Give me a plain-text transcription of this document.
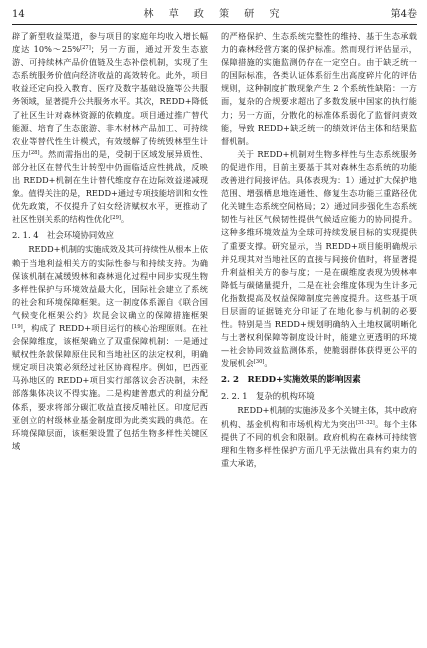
14	林 草 政 策 研 究	第4卷

辟了新型收益渠道，参与项目的家庭年均收入增长幅度达 10%～25%[27]；另一方面，通过开发生态旅游、可持续林产品价值链及生态补偿机制，实现了生态系统服务价值向经济收益的高效转化。此外，项目收益还定向投入教育、医疗及数字基础设施等公共服务领域，显著提升公共服务水平。其次，REDD+降低了社区生计对森林资源的依赖度。项目通过推广替代能源、培育了生态旅游、非木材林产品加工、可持续农业等替代性生计模式，有效缓解了传统毁林型生计压力[28]。然而需指出的是，受制于区域发展异质性、部分社区在替代生计转型中仍面临适应性挑战，反映出 REDD+机制在生计替代维度存在边际效益递减现象。值得关注的是，REDD+通过专项技能培训和女性优先政策，不仅提升了妇女经济赋权水平，更推动了社区性别关系的结构性优化[29]。

2. 1. 4　社会环境协同效应

REDD+机制的实施成效及其可持续性从根本上依赖于当地利益相关方的实际性参与和持续支持。为确保该机制在减缓毁林和森林退化过程中同步实现生物多样性保护与环境效益最大化，国际社会建立了系统的社会和环境保障框架。这一制度体系源自《联合国气候变化框架公约》坎昆会议确立的保障措施框架[19]，构成了 REDD+项目运行的核心治理原则。在社会保障维度，该框架确立了双重保障机制：一是通过赋权性条款保障原住民和当地社区的法定权利，明确规定项目决策必须经过社区协商程序。例如，巴西亚马孙地区的 REDD+项目实行部落议会否决制，未经部落集体决议不得实施。二是构建普惠式的利益分配体系，要求将部分碳汇收益直接反哺社区。印度尼西亚创立的村级林业基金制度即为此类实践的典范。在环境保障层面，该框架设置了包括生物多样性关键区域

的严格保护、生态系统完整性的维持、基于生态承载力的森林经营方案的保护标准。然而现行评估显示，保障措施的实施监测仍存在一定空白。由于缺乏统一的国际标准，各类认证体系衍生出高度碎片化的评估规则，这种制度扩散现象产生 2 个系统性缺陷：一方面，复杂的合规要求超出了多数发展中国家的执行能力；另一方面，分散化的标准体系弱化了监督问责效能，导致 REDD+缺乏统一的绩效评估主体和结果监督机制。

关于 REDD+机制对生物多样性与生态系统服务的促进作用，目前主要基于其对森林生态系统的功能改善进行间接评估。具体表现为：1）通过扩大保护地范围、增强栖息地连通性、修复生态功能三重路径优化关键生态系统空间格局；2）通过同步强化生态系统韧性与社区气候韧性提供气候适应能力的协同提升。这种多维环境效益为全球可持续发展目标的实现提供了重要支撑。研究显示，当 REDD+项目能明确规示并兑现其对当地社区的直接与间接价值时，将显著提升利益相关方的参与度；一是在碳维度表现为毁林率降低与碳储量提升，二是在社会维度体现为生计多元化指数提高及权益保障制度完善度提升。这些基于项目层面的证据链充分印证了在地化参与机制的必要性。特别是当 REDD+规划明确纳入土地权属明晰化与土著权利保障等制度设计时，能建立更透明的环境—社会协同效益监测体系，使脆弱群体获得更公平的发展机会[30]。

2. 2　REDD+实施效果的影响因素
2. 2. 1　复杂的机构环境

REDD+机制的实施涉及多个关键主体，其中政府机构、基金机构和市场机构尤为突出[31-32]。每个主体提供了不同的机会和限制。政府机构在森林可持续管理和生物多样性保护方面几乎无法做出具有约束力的重大承诺，
